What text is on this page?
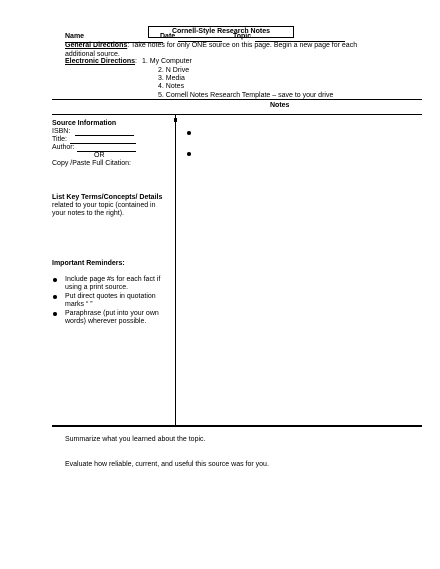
Cornell-Style Research Notes
Name	Date	Topic
General Directions: Take notes for only ONE source on this page. Begin a new page for each
additional source.
Electronic Directions: 1. My Computer
2. N Drive
3. Media
4. Notes
5. Cornell Notes Research Template – save to your drive
Notes
Source Information
ISBN:
Title:
Author:
OR
Copy /Paste Full Citation:
List Key Terms/Concepts/ Details
related to your topic (contained in
your notes to the right).
Important Reminders:
Include page #s for each fact if
using a print source.
Put direct quotes in quotation
marks “ ”
Paraphrase (put into your own
words) wherever possible.
Summarize what you learned about the topic.
Evaluate how reliable, current, and useful this source was for you.
